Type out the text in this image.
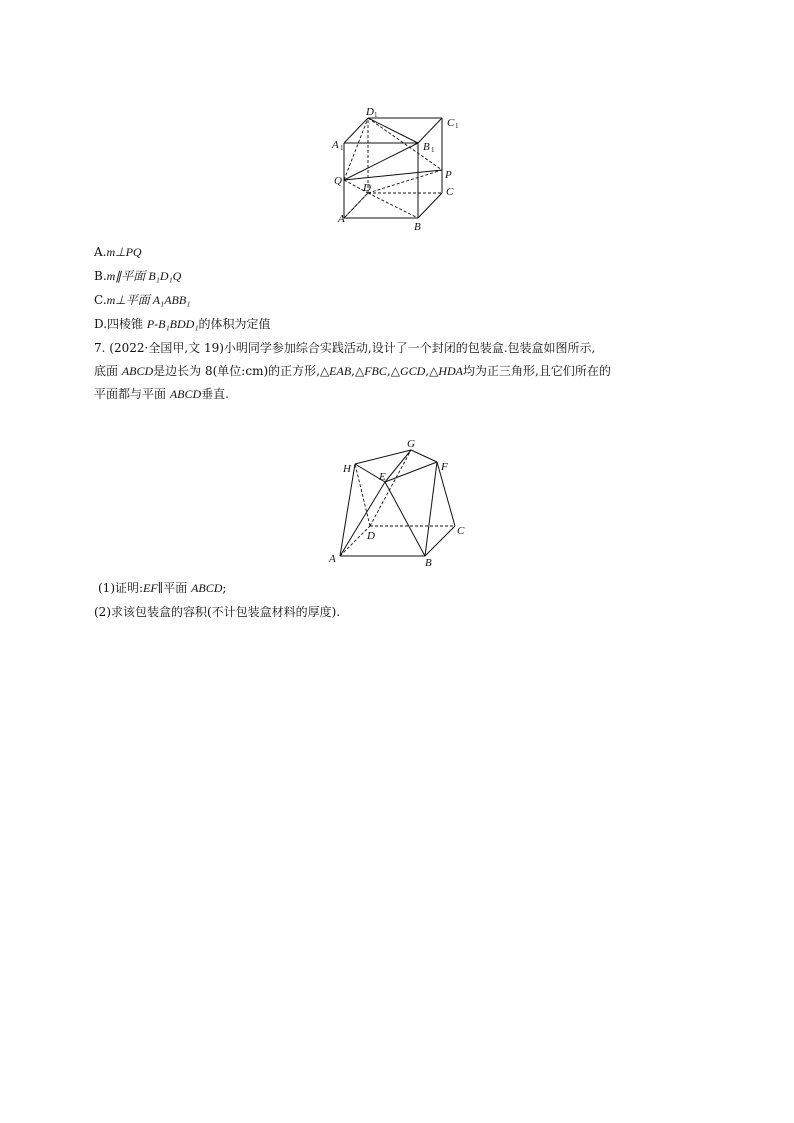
D 1
C 1
A 1	B 1
P
Q
D	C
A
B
A.m⊥PQ
B.m∥平面 B₁D₁Q
C.m⊥平面 A₁ABB₁
D.四棱锥 P-B₁BDD₁的体积为定值
7. (2022·全国甲,文 19)小明同学参加综合实践活动,设计了一个封闭的包装盒.包装盒如图所示,
底面 ABCD是边长为 8(单位:cm)的正方形,△EAB,△FBC,△GCD,△HDA均为正三角形,且它们所在的
平面都与平面 ABCD垂直.
H
G
F
E
D	C
A	B
(1)证明:EF∥平面 ABCD;
(2)求该包装盒的容积(不计包装盒材料的厚度).
